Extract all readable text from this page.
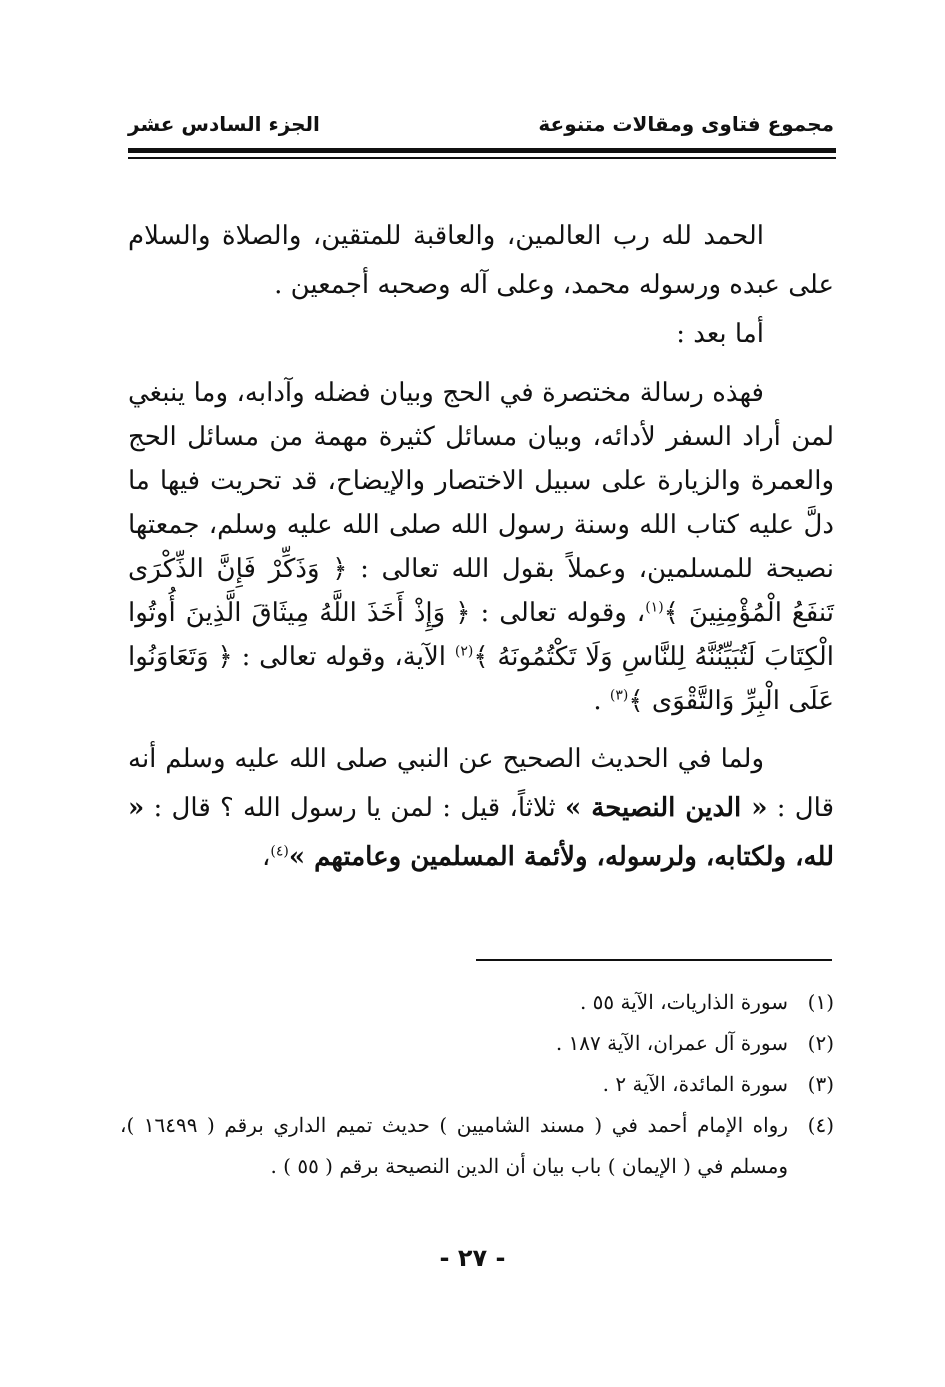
مجموع فتاوى ومقالات متنوعة
الجزء السادس عشر

الحمد لله رب العالمين، والعاقبة للمتقين، والصلاة والسلام على عبده ورسوله محمد، وعلى آله وصحبه أجمعين .

أما بعد :

فهذه رسالة مختصرة في الحج وبيان فضله وآدابه، وما ينبغي لمن أراد السفر لأدائه، وبيان مسائل كثيرة مهمة من مسائل الحج والعمرة والزيارة على سبيل الاختصار والإيضاح، قد تحريت فيها ما دلَّ عليه كتاب الله وسنة رسول الله صلى الله عليه وسلم، جمعتها نصيحة للمسلمين، وعملاً بقول الله تعالى : ﴿ وَذَكِّرْ فَإِنَّ الذِّكْرَى تَنفَعُ الْمُؤْمِنِينَ ﴾$^{(١)}$، وقوله تعالى : ﴿ وَإِذْ أَخَذَ اللَّهُ مِيثَاقَ الَّذِينَ أُوتُوا الْكِتَابَ لَتُبَيِّنُنَّهُ لِلنَّاسِ وَلَا تَكْتُمُونَهُ ﴾$^{(٢)}$ الآية، وقوله تعالى : ﴿ وَتَعَاوَنُوا عَلَى الْبِرِّ وَالتَّقْوَى ﴾$^{(٣)}$ .

ولما في الحديث الصحيح عن النبي صلى الله عليه وسلم أنه قال : « الدين النصيحة » ثلاثاً، قيل : لمن يا رسول الله ؟ قال : « لله، ولكتابه، ولرسوله، ولأئمة المسلمين وعامتهم »$^{(٤)}$،

(١)
سورة الذاريات، الآية ٥٥ .
(٢)
سورة آل عمران، الآية ١٨٧ .
(٣)
سورة المائدة، الآية ٢ .
(٤)
رواه الإمام أحمد في ( مسند الشاميين ) حديث تميم الداري برقم ( ١٦٤٩٩ )، ومسلم في ( الإيمان ) باب بيان أن الدين النصيحة برقم ( ٥٥ ) .
- ٢٧ -
